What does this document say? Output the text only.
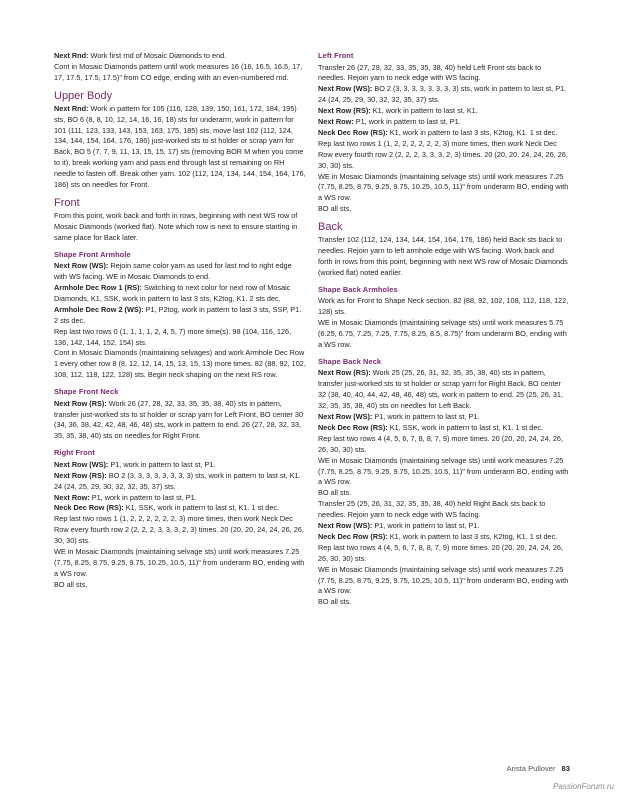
Next Rnd: Work first rnd of Mosaic Diamonds to end.

Cont in Mosaic Diamonds pattern until work measures 16 (16, 16.5, 16.5, 17, 17, 17.5, 17.5, 17.5)" from CO edge, ending with an even-numbered rnd.

Upper Body

Next Rnd: Work in pattern for 105 (116, 128, 139, 150, 161, 172, 184, 195) sts, BO 6 (8, 8, 10, 12, 14, 16, 16, 18) sts for underarm, work in pattern for 101 (111, 123, 133, 143, 153, 163, 175, 185) sts, move last 102 (112, 124, 134, 144, 154, 164, 176, 186) just-worked sts to st holder or scrap yarn for Back, BO 5 (7, 7, 9, 11, 13, 15, 15, 17) sts (removing BOR M when you come to it), break working yarn and pass end through last st remaining on RH needle to fasten off. Break other yarn. 102 (112, 124, 134, 144, 154, 164, 176, 186) sts on needles for Front.

Front

From this point, work back and forth in rows, beginning with next WS row of Mosaic Diamonds (worked flat). Note which row is next to ensure starting in same place for Back later.

Shape Front Armhole

Next Row (WS): Rejoin same color yarn as used for last rnd to right edge with WS facing. WE in Mosaic Diamonds to end.

Armhole Dec Row 1 (RS): Switching to next color for next row of Mosaic Diamonds, K1, SSK, work in pattern to last 3 sts, K2tog, K1. 2 sts dec.

Armhole Dec Row 2 (WS): P1, P2tog, work in pattern to last 3 sts, SSP, P1. 2 sts dec.

Rep last two rows 0 (1, 1, 1, 1, 2, 4, 5, 7) more time(s). 98 (104, 116, 126, 136, 142, 144, 152, 154) sts.

Cont in Mosaic Diamonds (maintaining selvages) and work Armhole Dec Row 1 every other row 8 (8, 12, 12, 14, 15, 13, 15, 13) more times. 82 (88, 92, 102, 108, 112, 118, 122, 128) sts. Begin neck shaping on the next RS row.

Shape Front Neck

Next Row (RS): Work 26 (27, 28, 32, 33, 35, 35, 38, 40) sts in pattern, transfer just-worked sts to st holder or scrap yarn for Left Front, BO center 30 (34, 36, 38, 42, 42, 48, 46, 48) sts, work in pattern to end. 26 (27, 28, 32, 33, 35, 35, 38, 40) sts on needles for Right Front.

Right Front

Next Row (WS): P1, work in pattern to last st, P1.

Next Row (RS): BO 2 (3, 3, 3, 3, 3, 3, 3, 3) sts, work in pattern to last st, K1. 24 (24, 25, 29, 30, 32, 32, 35, 37) sts.

Next Row: P1, work in pattern to last st, P1.

Neck Dec Row (RS): K1, SSK, work in pattern to last st, K1. 1 st dec.

Rep last two rows 1 (1, 2, 2, 2, 2, 2, 2, 3) more times, then work Neck Dec Row every fourth row 2 (2, 2, 2, 3, 3, 3, 2, 3) times. 20 (20, 20, 24, 24, 26, 26, 30, 30) sts.

WE in Mosaic Diamonds (maintaining selvage sts) until work measures 7.25 (7.75, 8.25, 8.75, 9.25, 9.75, 10.25, 10.5, 11)" from underarm BO, ending with a WS row.

BO all sts.

Left Front

Transfer 26 (27, 28, 32, 33, 35, 35, 38, 40) held Left Front sts back to needles. Rejoin yarn to neck edge with WS facing.

Next Row (WS): BO 2 (3, 3, 3, 3, 3, 3, 3, 3) sts, work in pattern to last st, P1. 24 (24, 25, 29, 30, 32, 32, 35, 37) sts.

Next Row (RS): K1, work in pattern to last st, K1.

Next Row: P1, work in pattern to last st, P1.

Neck Dec Row (RS): K1, work in pattern to last 3 sts, K2tog, K1. 1 st dec.

Rep last two rows 1 (1, 2, 2, 2, 2, 2, 2, 3) more times, then work Neck Dec Row every fourth row 2 (2, 2, 2, 3, 3, 3, 2, 3) times. 20 (20, 20, 24, 24, 26, 26, 30, 30) sts.

WE in Mosaic Diamonds (maintaining selvage sts) until work measures 7.25 (7.75, 8.25, 8.75, 9.25, 9.75, 10.25, 10.5, 11)" from underarm BO, ending with a WS row.

BO all sts.

Back

Transfer 102 (112, 124, 134, 144, 154, 164, 176, 186) held Back sts back to needles. Rejoin yarn to left armhole edge with WS facing. Work back and forth in rows from this point, beginning with next WS row of Mosaic Diamonds (worked flat) noted earlier.

Shape Back Armholes

Work as for Front to Shape Neck section. 82 (88, 92, 102, 108, 112, 118, 122, 128) sts.

WE in Mosaic Diamonds (maintaining selvage sts) until work measures 5.75 (6.25, 6.75, 7.25, 7.25, 7.75, 8.25, 8.5, 8.75)" from underarm BO, ending with a WS row.

Shape Back Neck

Next Row (RS): Work 25 (25, 26, 31, 32, 35, 35, 38, 40) sts in pattern, transfer just-worked sts to st holder or scrap yarn for Right Back, BO center 32 (38, 40, 40, 44, 42, 48, 46, 48) sts, work in pattern to end. 25 (25, 26, 31, 32, 35, 35, 38, 40) sts on needles for Left Back.

Next Row (WS): P1, work in pattern to last st, P1.

Neck Dec Row (RS): K1, SSK, work in pattern to last st, K1. 1 st dec.

Rep last two rows 4 (4, 5, 6, 7, 8, 8, 7, 9) more times. 20 (20, 20, 24, 24, 26, 26, 30, 30) sts.

WE in Mosaic Diamonds (maintaining selvage sts) until work measures 7.25 (7.75, 8.25, 8.75, 9.25, 9.75, 10.25, 10.5, 11)" from underarm BO, ending with a WS row.

BO all sts.

Transfer 25 (25, 26, 31, 32, 35, 35, 38, 40) held Right Back sts back to needles. Rejoin yarn to neck edge with WS facing.

Next Row (WS): P1, work in pattern to last st, P1.

Neck Dec Row (RS): K1, work in pattern to last 3 sts, K2tog, K1. 1 st dec.

Rep last two rows 4 (4, 5, 6, 7, 8, 8, 7, 9) more times. 20 (20, 20, 24, 24, 26, 26, 30, 30) sts.

WE in Mosaic Diamonds (maintaining selvage sts) until work measures 7.25 (7.75, 8.25, 8.75, 9.25, 9.75, 10.25, 10.5, 11)" from underarm BO, ending with a WS row.

BO all sts.

Arista Pullover 83
PassionForum.ru
